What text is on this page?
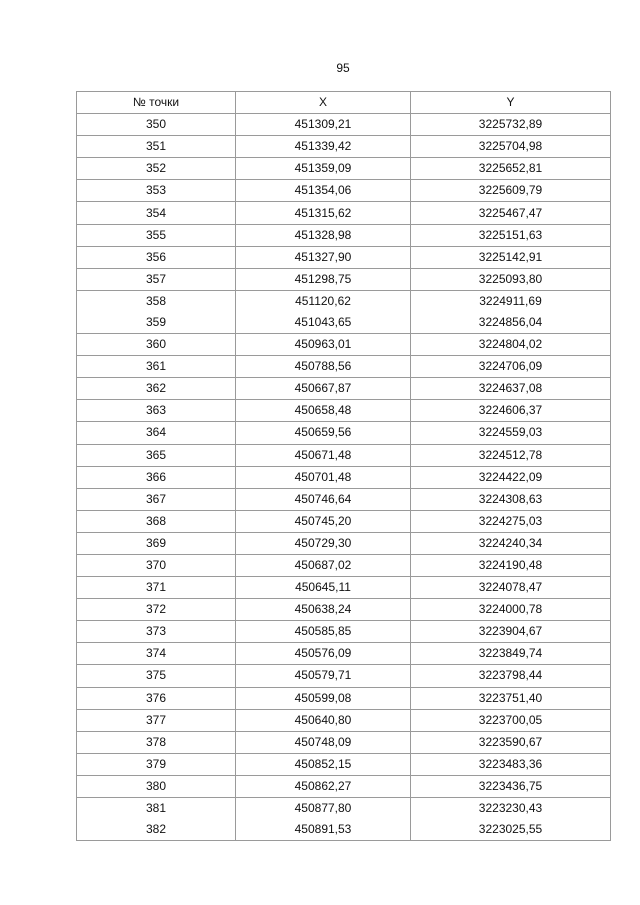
95
№ точки	X	Y
350	451309,21	3225732,89
351	451339,42	3225704,98
352	451359,09	3225652,81
353	451354,06	3225609,79
354	451315,62	3225467,47
355	451328,98	3225151,63
356	451327,90	3225142,91
357	451298,75	3225093,80
358	451120,62	3224911,69
359	451043,65	3224856,04
360	450963,01	3224804,02
361	450788,56	3224706,09
362	450667,87	3224637,08
363	450658,48	3224606,37
364	450659,56	3224559,03
365	450671,48	3224512,78
366	450701,48	3224422,09
367	450746,64	3224308,63
368	450745,20	3224275,03
369	450729,30	3224240,34
370	450687,02	3224190,48
371	450645,11	3224078,47
372	450638,24	3224000,78
373	450585,85	3223904,67
374	450576,09	3223849,74
375	450579,71	3223798,44
376	450599,08	3223751,40
377	450640,80	3223700,05
378	450748,09	3223590,67
379	450852,15	3223483,36
380	450862,27	3223436,75
381	450877,80	3223230,43
382	450891,53	3223025,55
